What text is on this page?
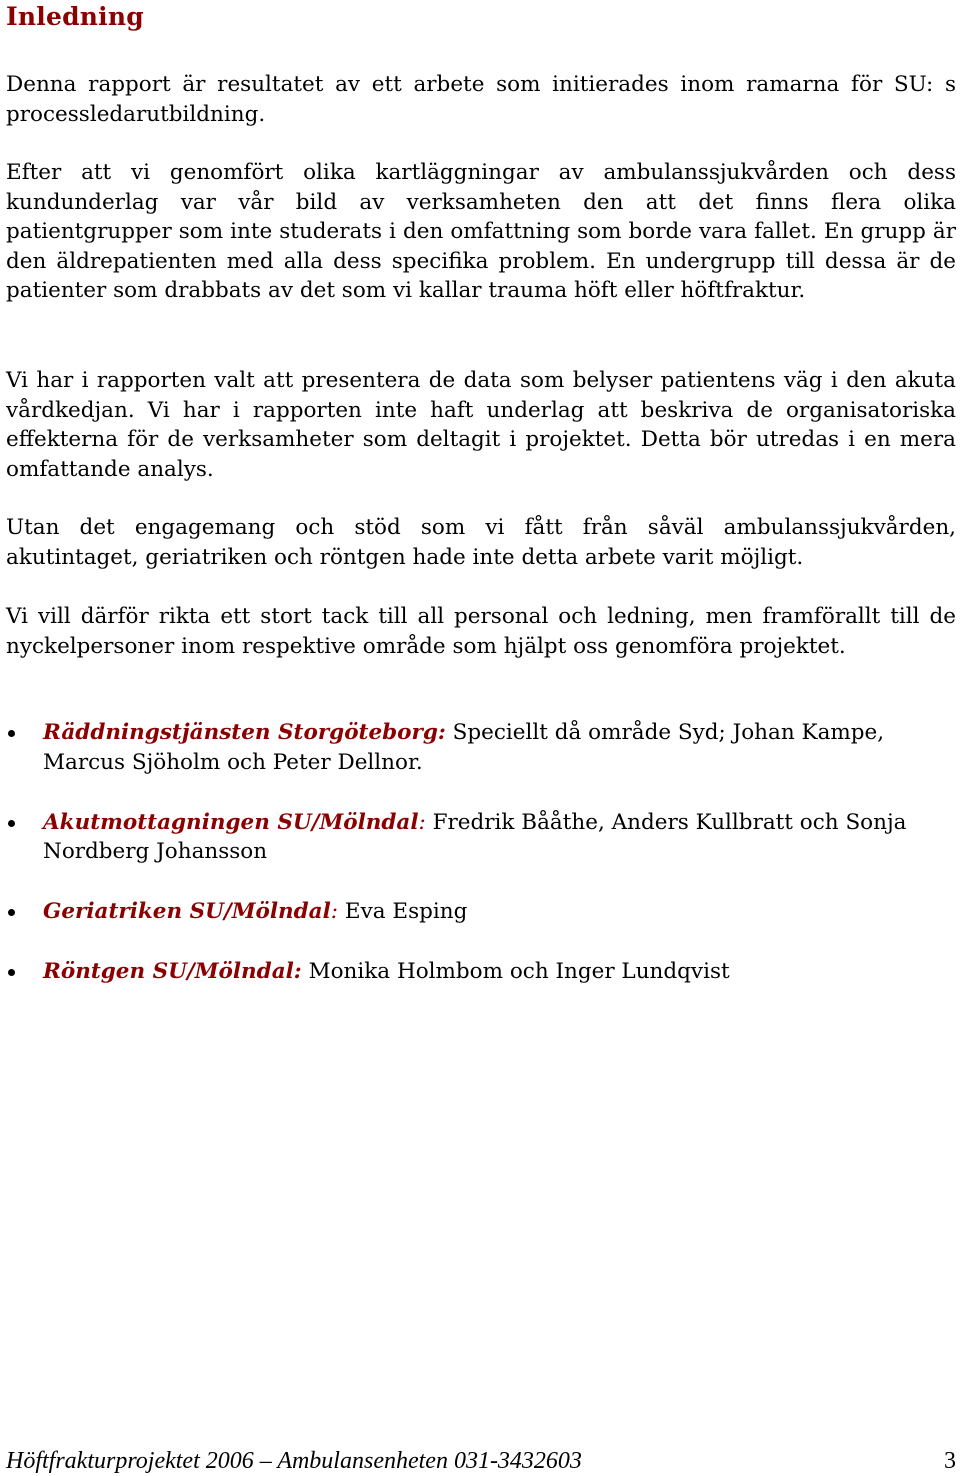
Inledning

Denna rapport är resultatet av ett arbete som initierades inom ramarna för SU: s processledarutbildning.

Efter att vi genomfört olika kartläggningar av ambulanssjukvården och dess kundunderlag var vår bild av verksamheten den att det finns flera olika patientgrupper som inte studerats i den omfattning som borde vara fallet. En grupp är den äldrepatienten med alla dess specifika problem. En undergrupp till dessa är de patienter som drabbats av det som vi kallar trauma höft eller höftfraktur.

Vi har i rapporten valt att presentera de data som belyser patientens väg i den akuta vårdkedjan. Vi har i rapporten inte haft underlag att beskriva de organisatoriska effekterna för de verksamheter som deltagit i projektet. Detta bör utredas i en mera omfattande analys.

Utan det engagemang och stöd som vi fått från såväl ambulanssjukvården, akutintaget, geriatriken och röntgen hade inte detta arbete varit möjligt.

Vi vill därför rikta ett stort tack till all personal och ledning, men framförallt till de nyckelpersoner inom respektive område som hjälpt oss genomföra projektet.

Räddningstjänsten Storgöteborg: Speciellt då område Syd; Johan Kampe, Marcus Sjöholm och Peter Dellnor.
Akutmottagningen SU/Mölndal: Fredrik Bååthe, Anders Kullbratt och Sonja Nordberg Johansson
Geriatriken SU/Mölndal: Eva Esping
Röntgen SU/Mölndal: Monika Holmbom och Inger Lundqvist
Höftfrakturprojektet 2006 – Ambulansenheten 031-3432603	3
